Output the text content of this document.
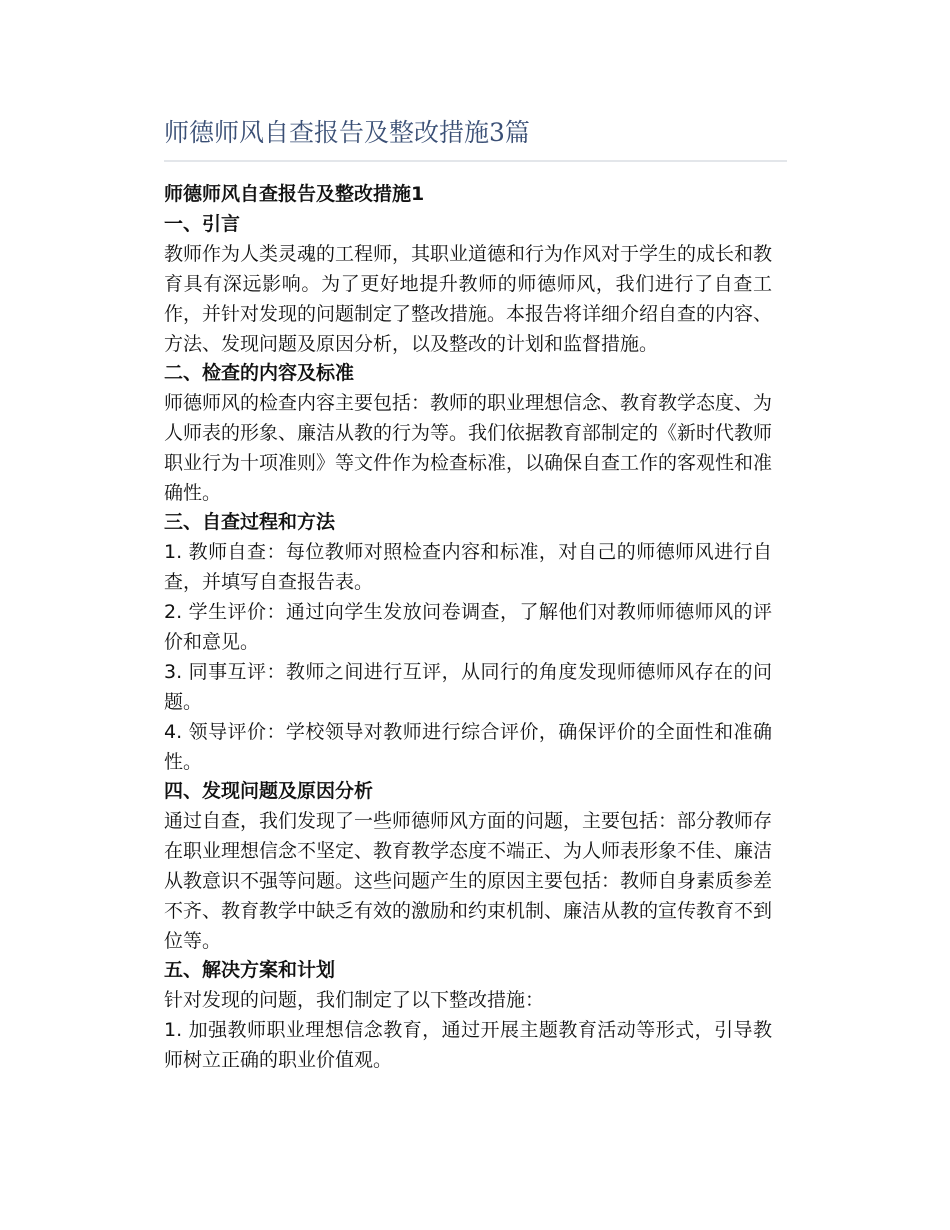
师德师风自查报告及整改措施3篇

师德师风自查报告及整改措施1

一、引言

教师作为人类灵魂的工程师，其职业道德和行为作风对于学生的成长和教育具有深远影响。为了更好地提升教师的师德师风，我们进行了自查工作，并针对发现的问题制定了整改措施。本报告将详细介绍自查的内容、方法、发现问题及原因分析，以及整改的计划和监督措施。

二、检查的内容及标准

师德师风的检查内容主要包括：教师的职业理想信念、教育教学态度、为人师表的形象、廉洁从教的行为等。我们依据教育部制定的《新时代教师职业行为十项准则》等文件作为检查标准，以确保自查工作的客观性和准确性。

三、自查过程和方法

1. 教师自查：每位教师对照检查内容和标准，对自己的师德师风进行自查，并填写自查报告表。

2. 学生评价：通过向学生发放问卷调查，了解他们对教师师德师风的评价和意见。

3. 同事互评：教师之间进行互评，从同行的角度发现师德师风存在的问题。

4. 领导评价：学校领导对教师进行综合评价，确保评价的全面性和准确性。

四、发现问题及原因分析

通过自查，我们发现了一些师德师风方面的问题，主要包括：部分教师存在职业理想信念不坚定、教育教学态度不端正、为人师表形象不佳、廉洁从教意识不强等问题。这些问题产生的原因主要包括：教师自身素质参差不齐、教育教学中缺乏有效的激励和约束机制、廉洁从教的宣传教育不到位等。

五、解决方案和计划

针对发现的问题，我们制定了以下整改措施：

1. 加强教师职业理想信念教育，通过开展主题教育活动等形式，引导教师树立正确的职业价值观。
